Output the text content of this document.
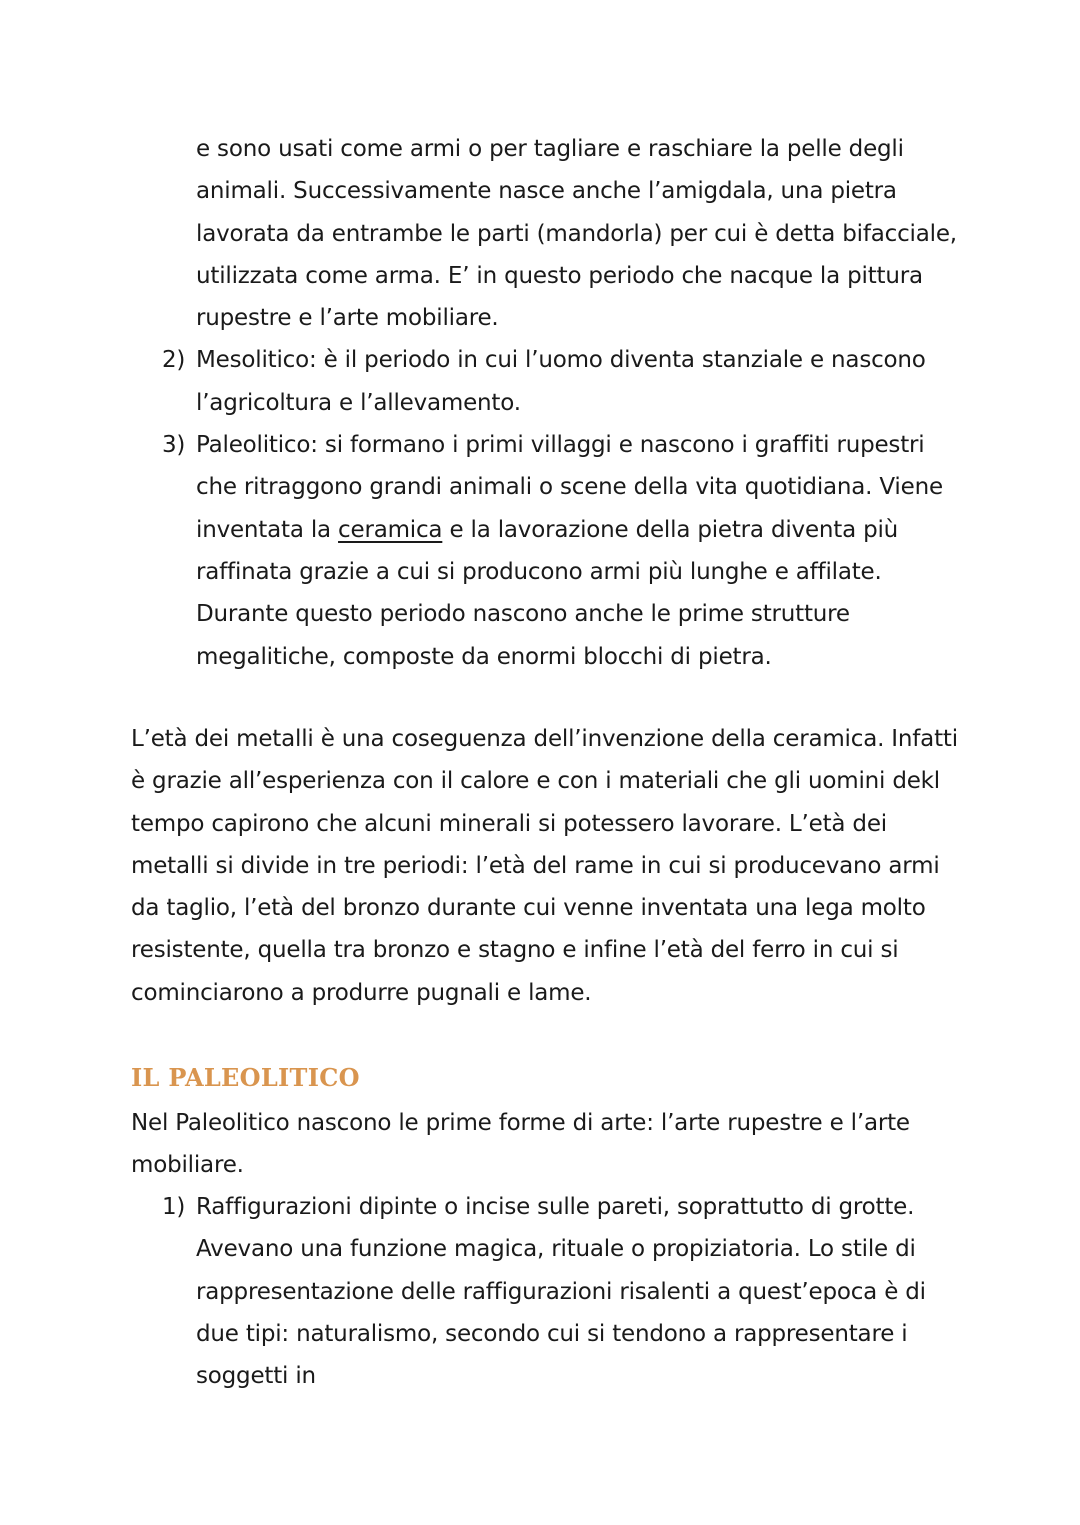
e sono usati come armi o per tagliare e raschiare la pelle degli animali. Successivamente nasce anche l’amigdala, una pietra lavorata da entrambe le parti (mandorla) per cui è detta bifacciale, utilizzata come arma. E’ in questo periodo che nacque la pittura rupestre e l’arte mobiliare.
2) Mesolitico: è il periodo in cui l’uomo diventa stanziale e nascono l’agricoltura e l’allevamento.
3) Paleolitico: si formano i primi villaggi e nascono i graffiti rupestri che ritraggono grandi animali o scene della vita quotidiana. Viene inventata la ceramica e la lavorazione della pietra diventa più raffinata grazie a cui si producono armi più lunghe e affilate. Durante questo periodo nascono anche le prime strutture megalitiche, composte da enormi blocchi di pietra.
L’età dei metalli è una coseguenza dell’invenzione della ceramica. Infatti è grazie all’esperienza con il calore e con i materiali che gli uomini dekl tempo capirono che alcuni minerali si potessero lavorare. L’età dei metalli si divide in tre periodi: l’età del rame in cui si producevano armi da taglio, l’età del bronzo durante cui venne inventata una lega molto resistente, quella tra bronzo e stagno e infine l’età del ferro in cui si cominciarono a produrre pugnali e lame.
IL PALEOLITICO
Nel Paleolitico nascono le prime forme di arte: l’arte rupestre e l’arte mobiliare.
1) Raffigurazioni dipinte o incise sulle pareti, soprattutto di grotte. Avevano una funzione magica, rituale o propiziatoria. Lo stile di rappresentazione delle raffigurazioni risalenti a quest’epoca è di due tipi: naturalismo, secondo cui si tendono a rappresentare i soggetti in
